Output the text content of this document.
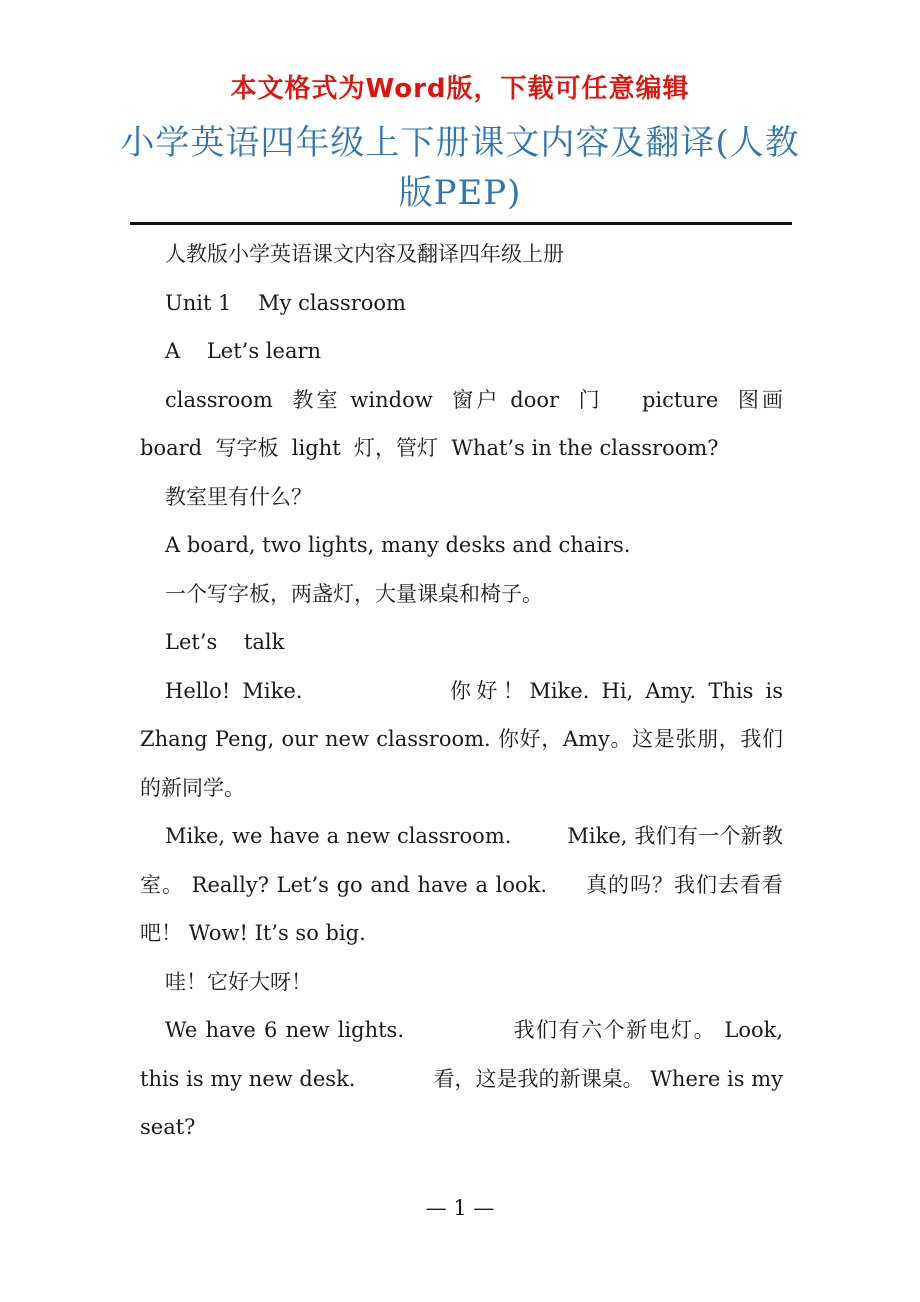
本文格式为Word版，下载可任意编辑
小学英语四年级上下册课文内容及翻译(人教版PEP)

人教版小学英语课文内容及翻译四年级上册

Unit 1    My classroom

A    Let’s learn

classroom  教室 window  窗户 door  门    picture  图画   board  写字板  light  灯，管灯  What’s in the classroom?

教室里有什么？

A board, two lights, many desks and chairs.

一个写字板，两盏灯，大量课桌和椅子。

Let’s    talk

Hello! Mike.	你好！Mike. Hi, Amy. This is Zhang Peng, our new classroom. 你好，Amy。这是张朋，我们的新同学。

Mike, we have a new classroom.	Mike, 我们有一个新教室。 Really? Let’s go and have a look. 真的吗？我们去看看吧！ Wow! It’s so big.

哇！它好大呀！

We have 6 new lights.	我们有六个新电灯。 Look, this is my new desk.	看，这是我的新课桌。 Where is my seat?

— 1 —
